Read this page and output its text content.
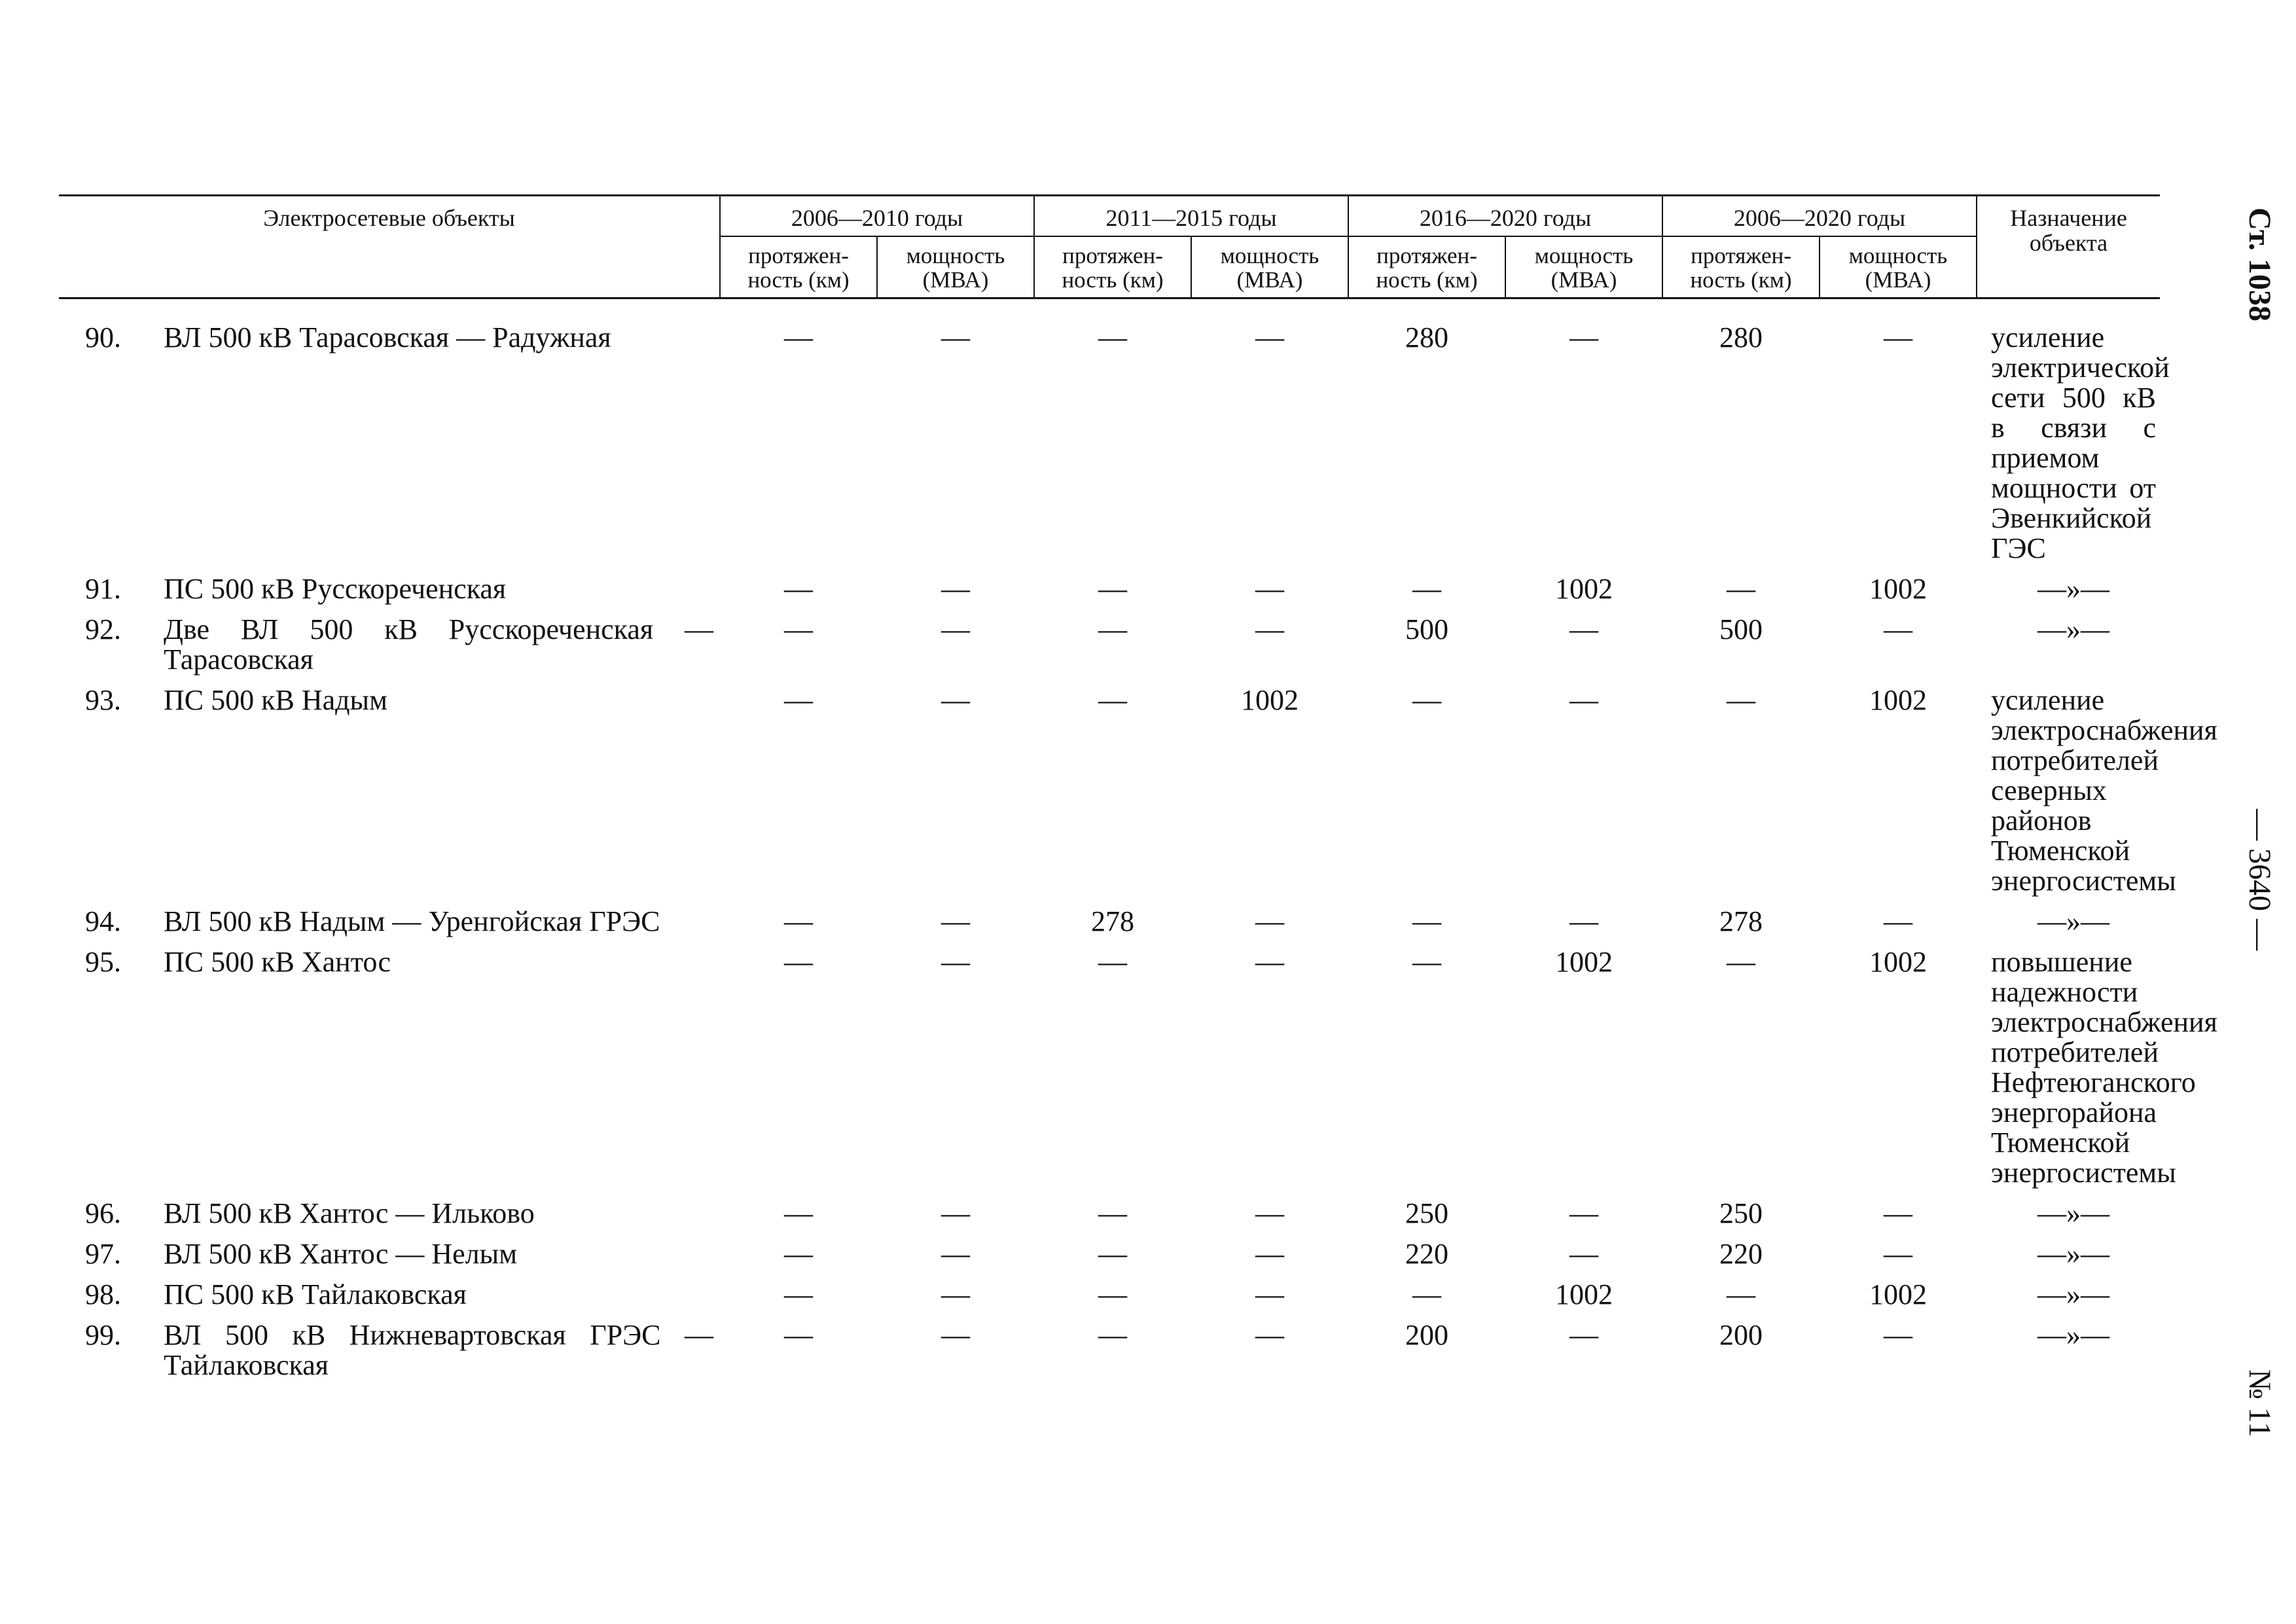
Электросетевые объекты		2006—2010 годы		2011—2015 годы		2016—2020 годы		2006—2020 годы		Назначение объекта
		протяжен-ность (км)	мощность (МВА)	протяжен-ность (км)	мощность (МВА)	протяжен-ность (км)	мощность (МВА)	протяжен-ность (км)	мощность (МВА)	
90.	ВЛ 500 кВ Тарасовская — Радужная	—	—	—	—	280	—	280	—	усиление электрической сети 500 кВ в связи с приемом мощности от Эвенкийской ГЭС
91.	ПС 500 кВ Русскореченская	—	—	—	—	—	1002	—	1002	—»—
92.	Две ВЛ 500 кВ Русскореченская — Тарасовская	—	—	—	—	500	—	500	—	—»—
93.	ПС 500 кВ Надым	—	—	—	1002	—	—	—	1002	усиление электроснабжения потребителей северных районов Тюменской энергосистемы
94.	ВЛ 500 кВ Надым — Уренгойская ГРЭС	—	—	278	—	—	—	278	—	—»—
95.	ПС 500 кВ Хантос	—	—	—	—	—	1002	—	1002	повышение надежности электроснабжения потребителей Нефтеюганского энергорайона Тюменской энергосистемы
96.	ВЛ 500 кВ Хантос — Ильково	—	—	—	—	250	—	250	—	—»—
97.	ВЛ 500 кВ Хантос — Нелым	—	—	—	—	220	—	220	—	—»—
98.	ПС 500 кВ Тайлаковская	—	—	—	—	—	1002	—	1002	—»—
99.	ВЛ 500 кВ Нижневартовская ГРЭС — Тайлаковская	—	—	—	—	200	—	200	—	—»—
Ст. 1038
— 3640 —
№ 11
